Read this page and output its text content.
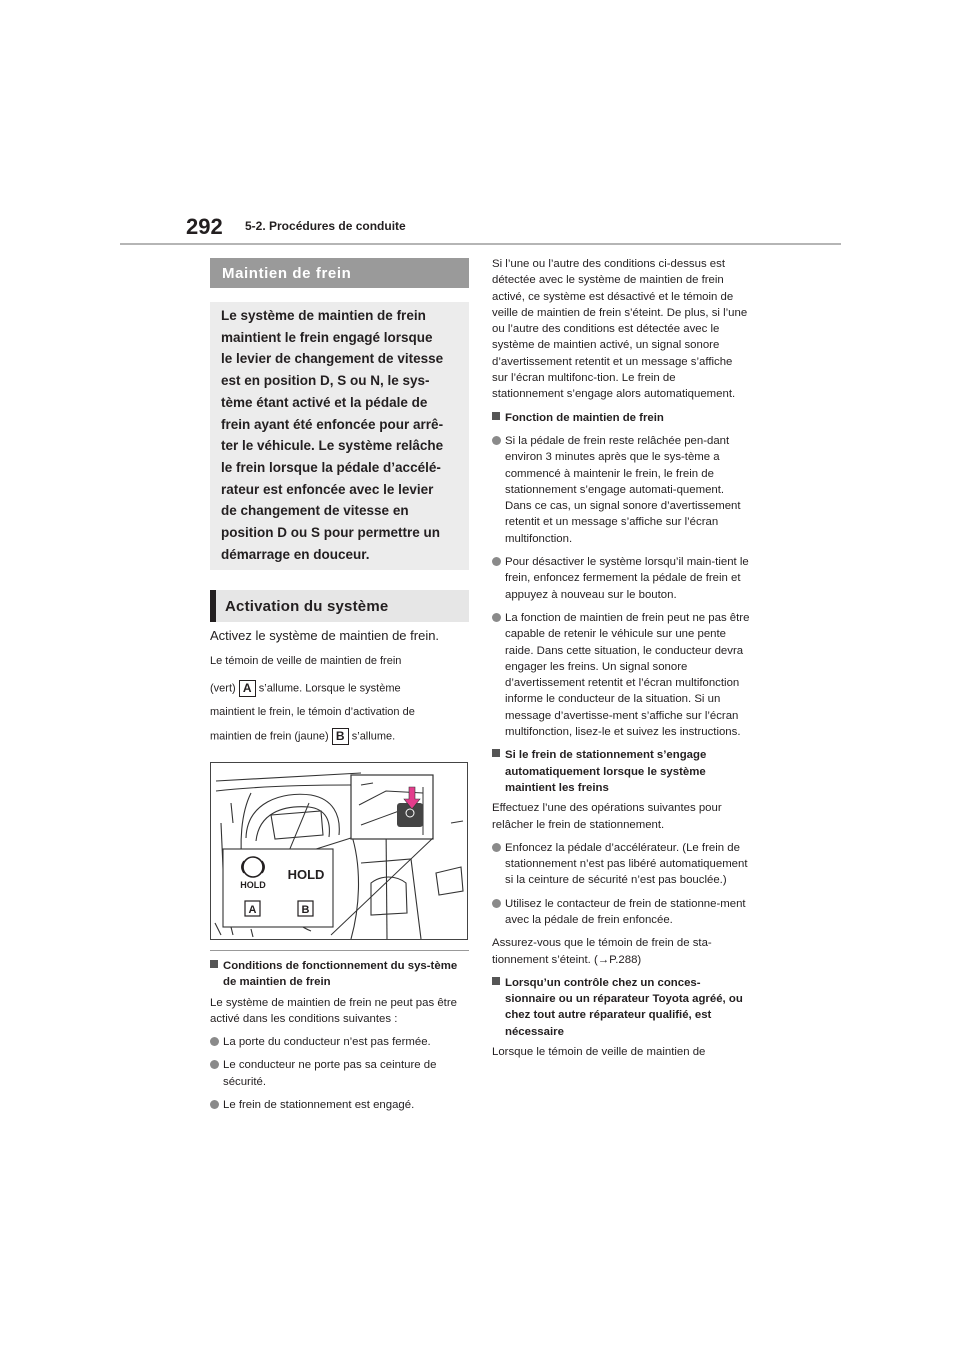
292 5-2. Procédures de conduite
Maintien de frein
Le système de maintien de frein
maintient le frein engagé lorsque
le levier de changement de vitesse
est en position D, S ou N, le sys-
tème étant activé et la pédale de
frein ayant été enfoncée pour arrê-
ter le véhicule. Le système relâche
le frein lorsque la pédale d’accélé-
rateur est enfoncée avec le levier
de changement de vitesse en
position D ou S pour permettre un
démarrage en douceur.
Activation du système
Activez le système de maintien de frein.
Le témoin de veille de maintien de frein
(vert) A s’allume. Lorsque le système
maintient le frein, le témoin d’activation de
maintien de frein (jaune) B s’allume.
HOLD
HOLD
A	B
Conditions de fonctionnement du sys-tème de maintien de frein
Le système de maintien de frein ne peut pas être activé dans les conditions suivantes :
La porte du conducteur n’est pas fermée.
Le conducteur ne porte pas sa ceinture de sécurité.
Le frein de stationnement est engagé.
Si l’une ou l’autre des conditions ci-dessus est détectée avec le système de maintien de frein activé, ce système est désactivé et le témoin de veille de maintien de frein s’éteint. De plus, si l’une ou l’autre des conditions est détectée avec le système de maintien activé, un signal sonore d’avertissement retentit et un message s’affiche sur l’écran multifonc-tion. Le frein de stationnement s’engage alors automatiquement.
Fonction de maintien de frein
Si la pédale de frein reste relâchée pen-dant environ 3 minutes après que le sys-tème a commencé à maintenir le frein, le frein de stationnement s’engage automati-quement. Dans ce cas, un signal sonore d’avertissement retentit et un message s’affiche sur l’écran multifonction.
Pour désactiver le système lorsqu’il main-tient le frein, enfoncez fermement la pédale de frein et appuyez à nouveau sur le bouton.
La fonction de maintien de frein peut ne pas être capable de retenir le véhicule sur une pente raide. Dans cette situation, le conducteur devra engager les freins. Un signal sonore d’avertissement retentit et l’écran multifonction informe le conducteur de la situation. Si un message d’avertisse-ment s’affiche sur l’écran multifonction, lisez-le et suivez les instructions.
Si le frein de stationnement s’engage automatiquement lorsque le système maintient les freins
Effectuez l’une des opérations suivantes pour relâcher le frein de stationnement.
Enfoncez la pédale d’accélérateur. (Le frein de stationnement n’est pas libéré automatiquement si la ceinture de sécurité n’est pas bouclée.)
Utilisez le contacteur de frein de stationne-ment avec la pédale de frein enfoncée.
Assurez-vous que le témoin de frein de sta-tionnement s’éteint. (→P.288)
Lorsqu’un contrôle chez un conces-sionnaire ou un réparateur Toyota agréé, ou chez tout autre réparateur qualifié, est nécessaire
Lorsque le témoin de veille de maintien de
